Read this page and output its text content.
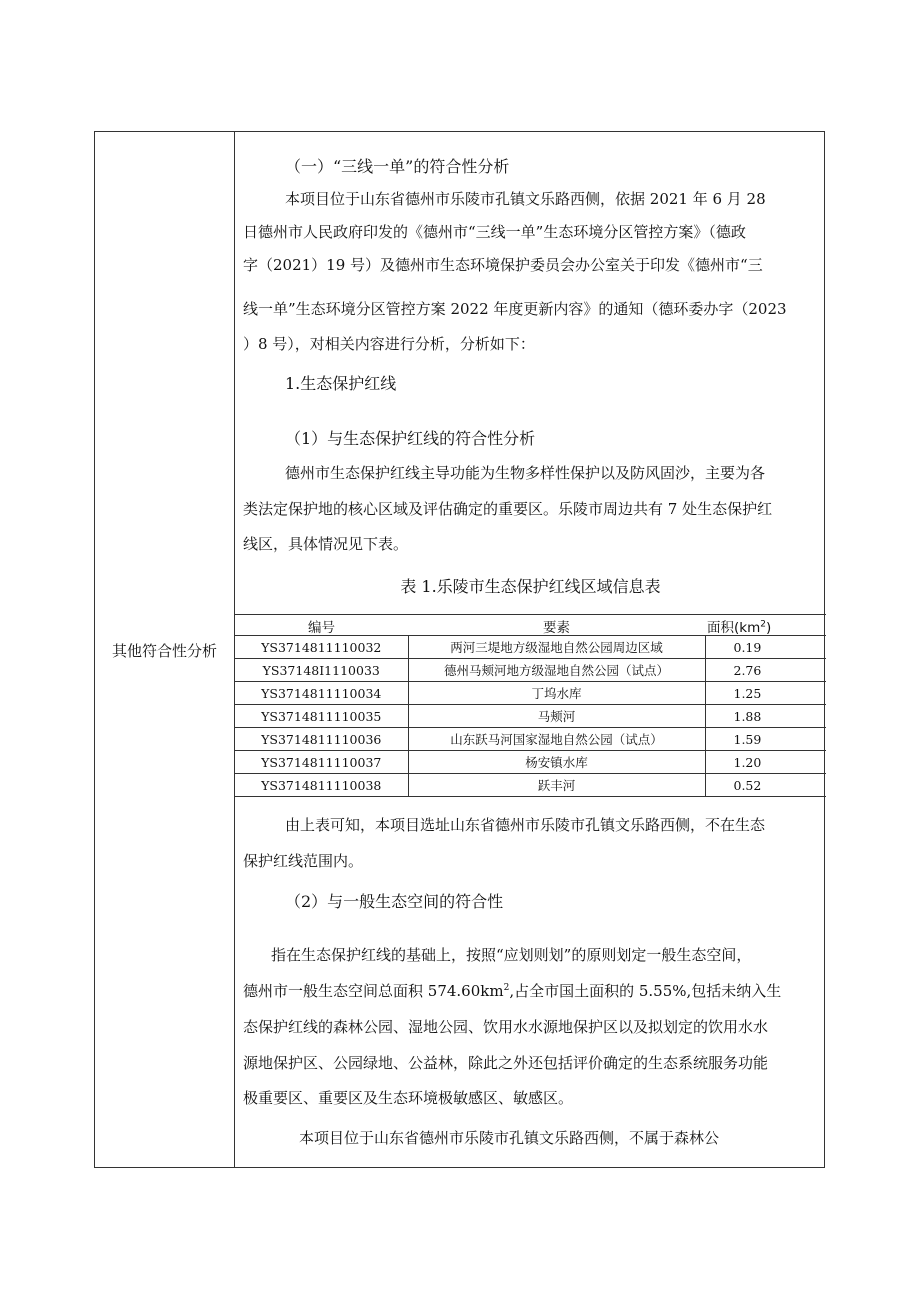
其他符合性分析
（一）“三线一单”的符合性分析
本项目位于山东省德州市乐陵市孔镇文乐路西侧，依据 2021 年 6 月 28
日德州市人民政府印发的《德州市“三线一单”生态环境分区管控方案》（德政
字（2021）19 号）及德州市生态环境保护委员会办公室关于印发《德州市“三
线一单”生态环境分区管控方案 2022 年度更新内容》的通知（德环委办字（2023
）8 号），对相关内容进行分析，分析如下：
1.生态保护红线
（1）与生态保护红线的符合性分析
德州市生态保护红线主导功能为生物多样性保护以及防风固沙，主要为各
类法定保护地的核心区域及评估确定的重要区。乐陵市周边共有 7 处生态保护红
线区，具体情况见下表。
表 1.乐陵市生态保护红线区域信息表
编号	要素	面积$(km^2)$
YS3714811110032	两河三堤地方级湿地自然公园周边区域	0.19
YS37148I1110033	德州马颊河地方级湿地自然公园（试点）	2.76
YS3714811110034	丁坞水库	1.25
YS3714811110035	马颊河	1.88
YS3714811110036	山东跃马河国家湿地自然公园（试点）	1.59
YS3714811110037	杨安镇水库	1.20
YS3714811110038	跃丰河	0.52
由上表可知，本项目选址山东省德州市乐陵市孔镇文乐路西侧，不在生态
保护红线范围内。
（2）与一般生态空间的符合性
指在生态保护红线的基础上，按照“应划则划”的原则划定一般生态空间，
德州市一般生态空间总面积 $574.60km^2$,占全市国土面积的 5.55%,包括未纳入生
态保护红线的森林公园、湿地公园、饮用水水源地保护区以及拟划定的饮用水水
源地保护区、公园绿地、公益林，除此之外还包括评价确定的生态系统服务功能
极重要区、重要区及生态环境极敏感区、敏感区。
本项目位于山东省德州市乐陵市孔镇文乐路西侧，不属于森林公
